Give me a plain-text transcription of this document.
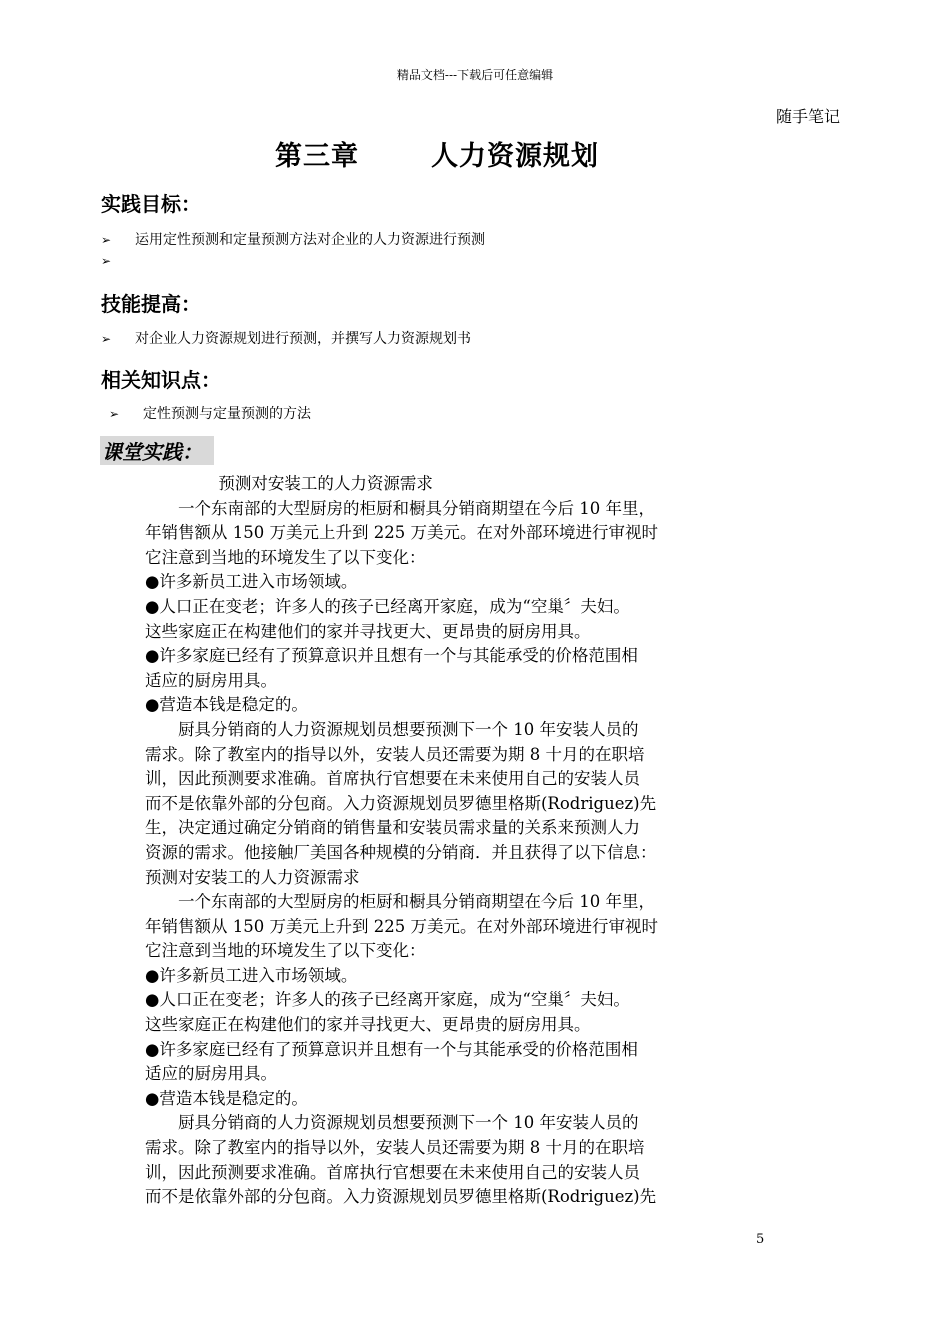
精品文档---下载后可任意编辑
随手笔记
第三章	人力资源规划
实践目标：
➢ 运用定性预测和定量预测方法对企业的人力资源进行预测
➢
技能提高：
➢ 对企业人力资源规划进行预测，并撰写人力资源规划书
相关知识点：
➢ 定性预测与定量预测的方法
课堂实践：
预测对安装工的人力资源需求
　　一个东南部的大型厨房的柜厨和橱具分销商期望在今后 10 年里，
年销售额从 150 万美元上升到 225 万美元。在对外部环境进行审视时
它注意到当地的环境发生了以下变化：
●许多新员工进入市场领域。
●人口正在变老；许多人的孩子已经离开家庭，成为“空巢〞夫妇。
这些家庭正在构建他们的家并寻找更大、更昂贵的厨房用具。
●许多家庭已经有了预算意识并且想有一个与其能承受的价格范围相
适应的厨房用具。
●营造本钱是稳定的。
　　厨具分销商的人力资源规划员想要预测下一个 10 年安装人员的
需求。除了教室内的指导以外，安装人员还需要为期 8 十月的在职培
训，因此预测要求准确。首席执行官想要在未来使用自己的安装人员
而不是依靠外部的分包商。入力资源规划员罗德里格斯(Rodriguez)先
生，决定通过确定分销商的销售量和安装员需求量的关系来预测人力
资源的需求。他接触厂美国各种规模的分销商．并且获得了以下信息：
预测对安装工的人力资源需求
　　一个东南部的大型厨房的柜厨和橱具分销商期望在今后 10 年里，
年销售额从 150 万美元上升到 225 万美元。在对外部环境进行审视时
它注意到当地的环境发生了以下变化：
●许多新员工进入市场领域。
●人口正在变老；许多人的孩子已经离开家庭，成为“空巢〞夫妇。
这些家庭正在构建他们的家并寻找更大、更昂贵的厨房用具。
●许多家庭已经有了预算意识并且想有一个与其能承受的价格范围相
适应的厨房用具。
●营造本钱是稳定的。
　　厨具分销商的人力资源规划员想要预测下一个 10 年安装人员的
需求。除了教室内的指导以外，安装人员还需要为期 8 十月的在职培
训，因此预测要求准确。首席执行官想要在未来使用自己的安装人员
而不是依靠外部的分包商。入力资源规划员罗德里格斯(Rodriguez)先
5
